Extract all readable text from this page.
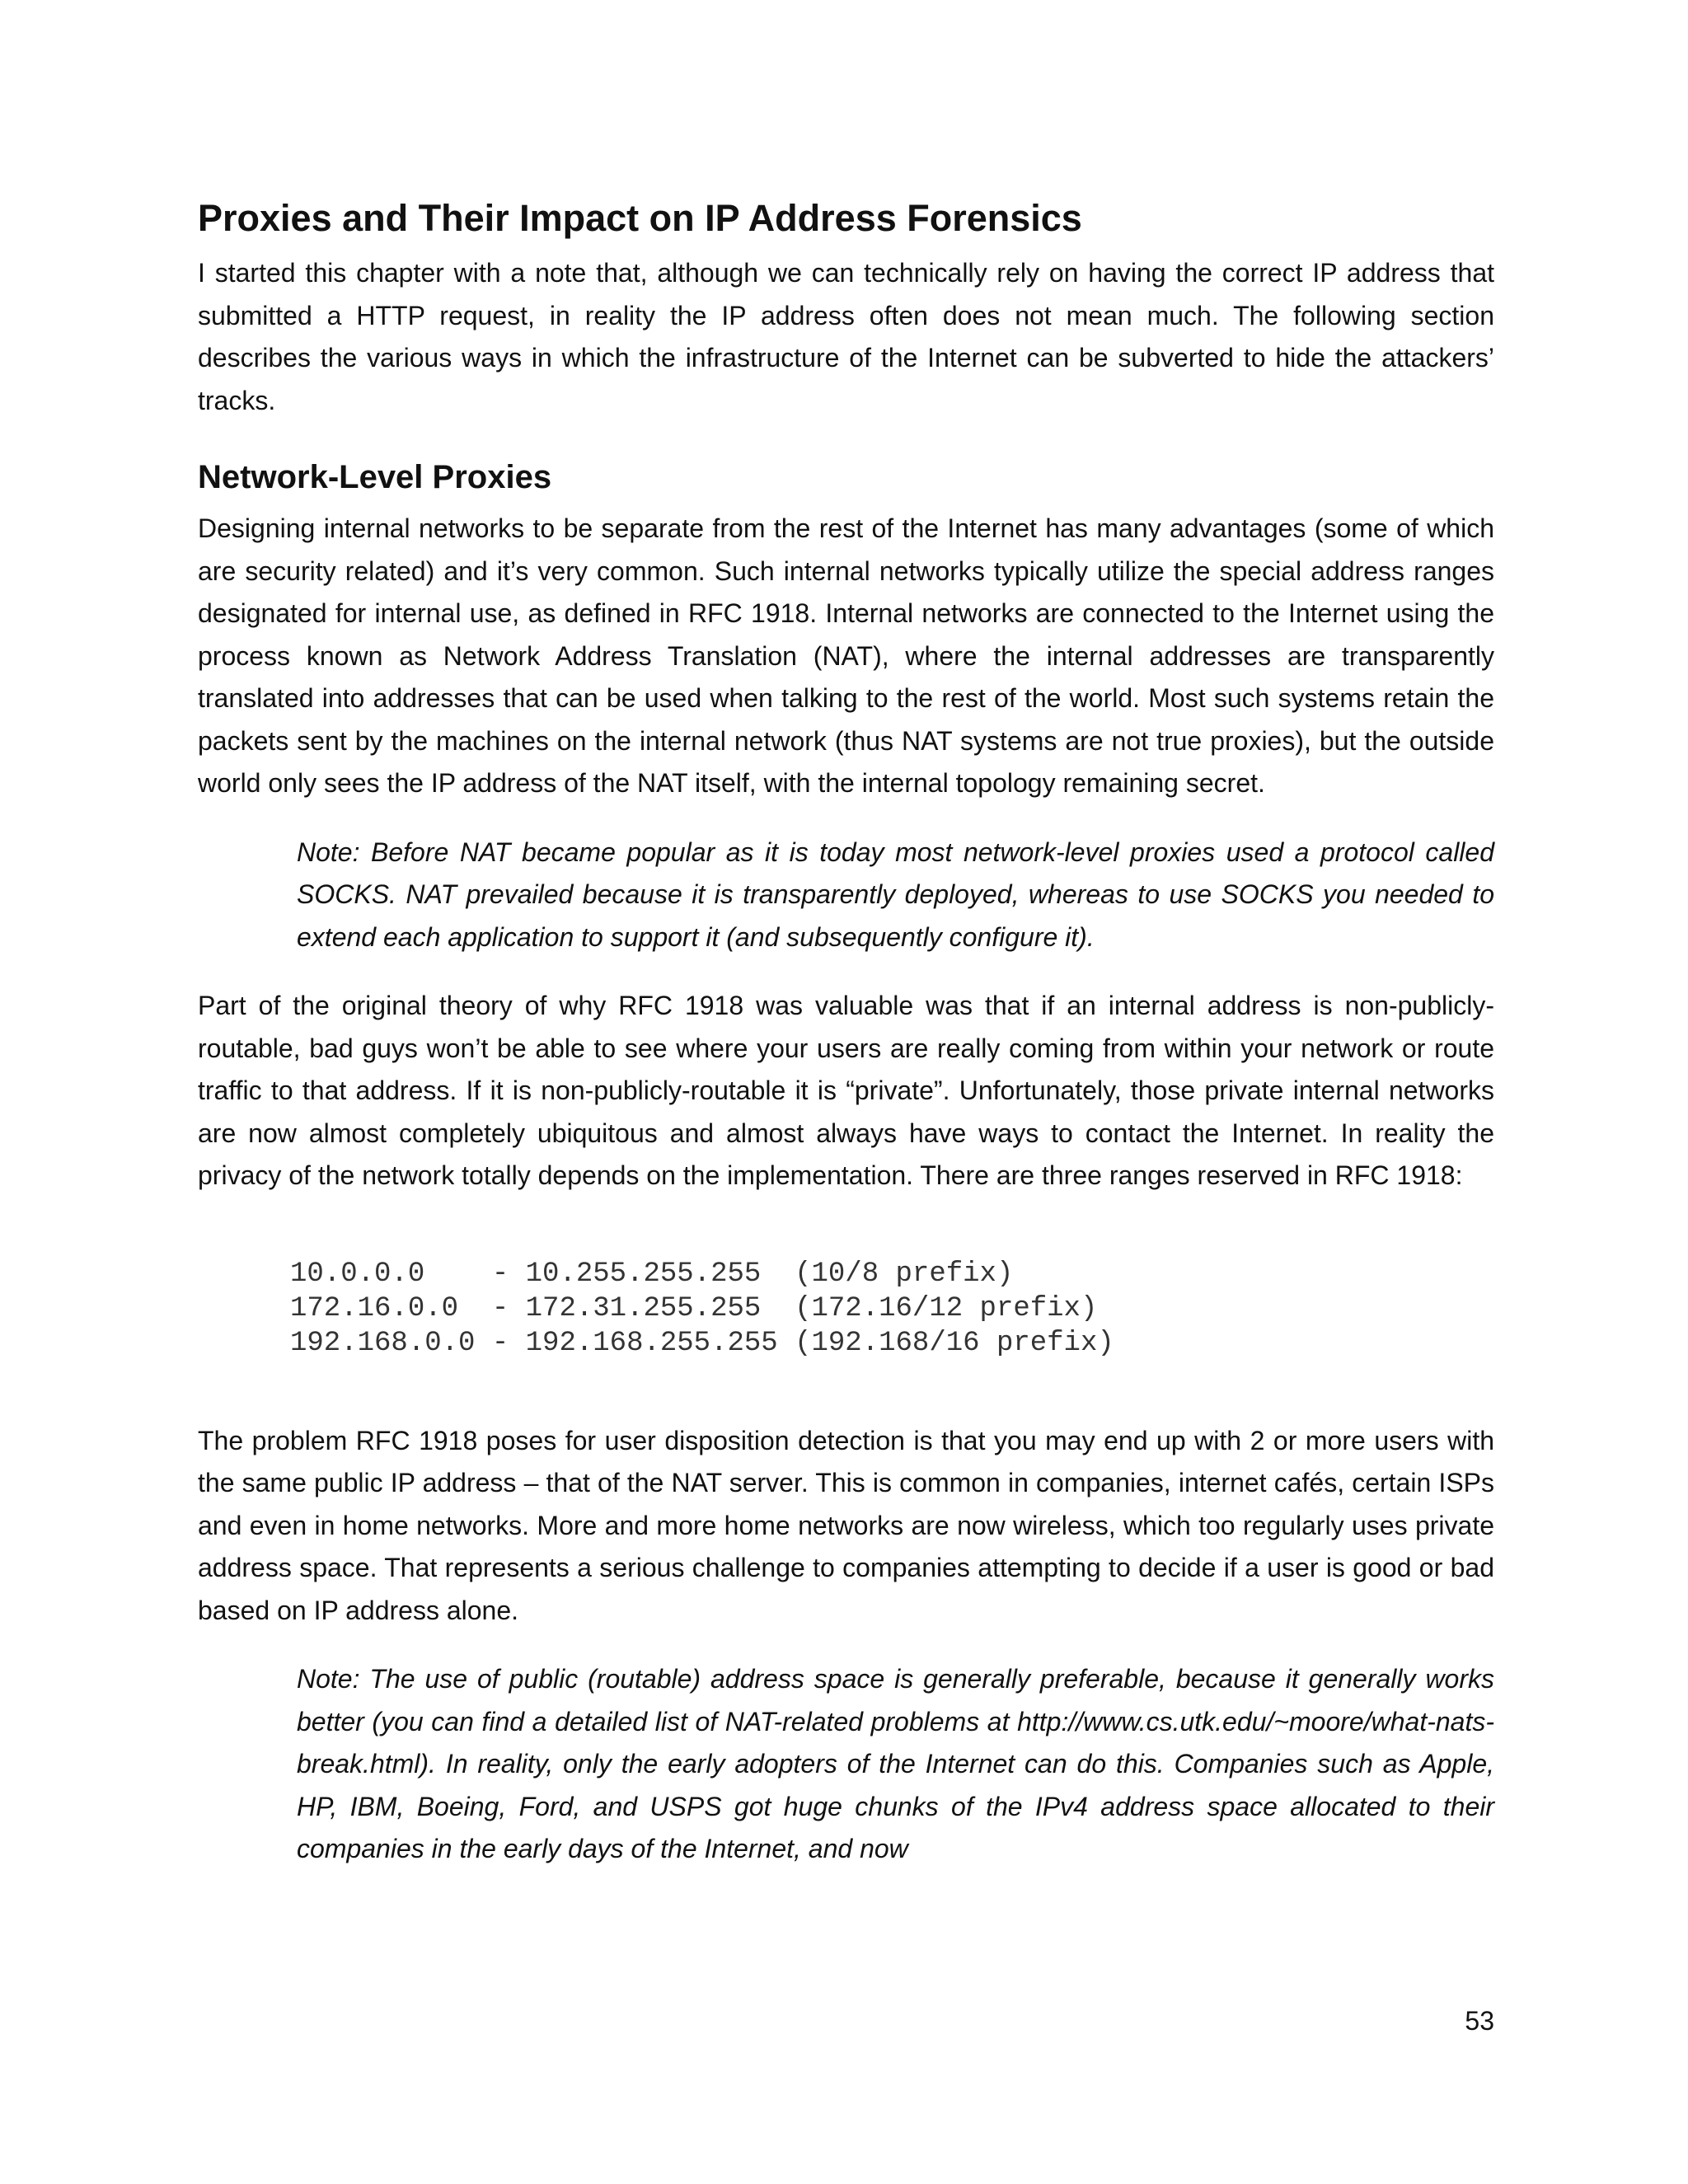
Proxies and Their Impact on IP Address Forensics

I started this chapter with a note that, although we can technically rely on having the correct IP address that submitted a HTTP request, in reality the IP address often does not mean much. The following section describes the various ways in which the infrastructure of the Internet can be subverted to hide the attackers’ tracks.

Network-Level Proxies

Designing internal networks to be separate from the rest of the Internet has many advantages (some of which are security related) and it’s very common. Such internal networks typically utilize the special address ranges designated for internal use, as defined in RFC 1918. Internal networks are connected to the Internet using the process known as Network Address Translation (NAT), where the internal addresses are transparently translated into addresses that can be used when talking to the rest of the world. Most such systems retain the packets sent by the machines on the internal network (thus NAT systems are not true proxies), but the outside world only sees the IP address of the NAT itself, with the internal topology remaining secret.

Note: Before NAT became popular as it is today most network-level proxies used a protocol called SOCKS. NAT prevailed because it is transparently deployed, whereas to use SOCKS you needed to extend each application to support it (and subsequently configure it).

Part of the original theory of why RFC 1918 was valuable was that if an internal address is non-publicly-routable, bad guys won’t be able to see where your users are really coming from within your network or route traffic to that address. If it is non-publicly-routable it is “private”. Unfortunately, those private internal networks are now almost completely ubiquitous and almost always have ways to contact the Internet. In reality the privacy of the network totally depends on the implementation. There are three ranges reserved in RFC 1918:

10.0.0.0    - 10.255.255.255  (10/8 prefix)
172.16.0.0  - 172.31.255.255  (172.16/12 prefix)
192.168.0.0 - 192.168.255.255 (192.168/16 prefix)

The problem RFC 1918 poses for user disposition detection is that you may end up with 2 or more users with the same public IP address – that of the NAT server. This is common in companies, internet cafés, certain ISPs and even in home networks. More and more home networks are now wireless, which too regularly uses private address space. That represents a serious challenge to companies attempting to decide if a user is good or bad based on IP address alone.

Note: The use of public (routable) address space is generally preferable, because it generally works better (you can find a detailed list of NAT-related problems at http://www.cs.utk.edu/~moore/what-nats-break.html). In reality, only the early adopters of the Internet can do this. Companies such as Apple, HP, IBM, Boeing, Ford, and USPS got huge chunks of the IPv4 address space allocated to their companies in the early days of the Internet, and now

53
